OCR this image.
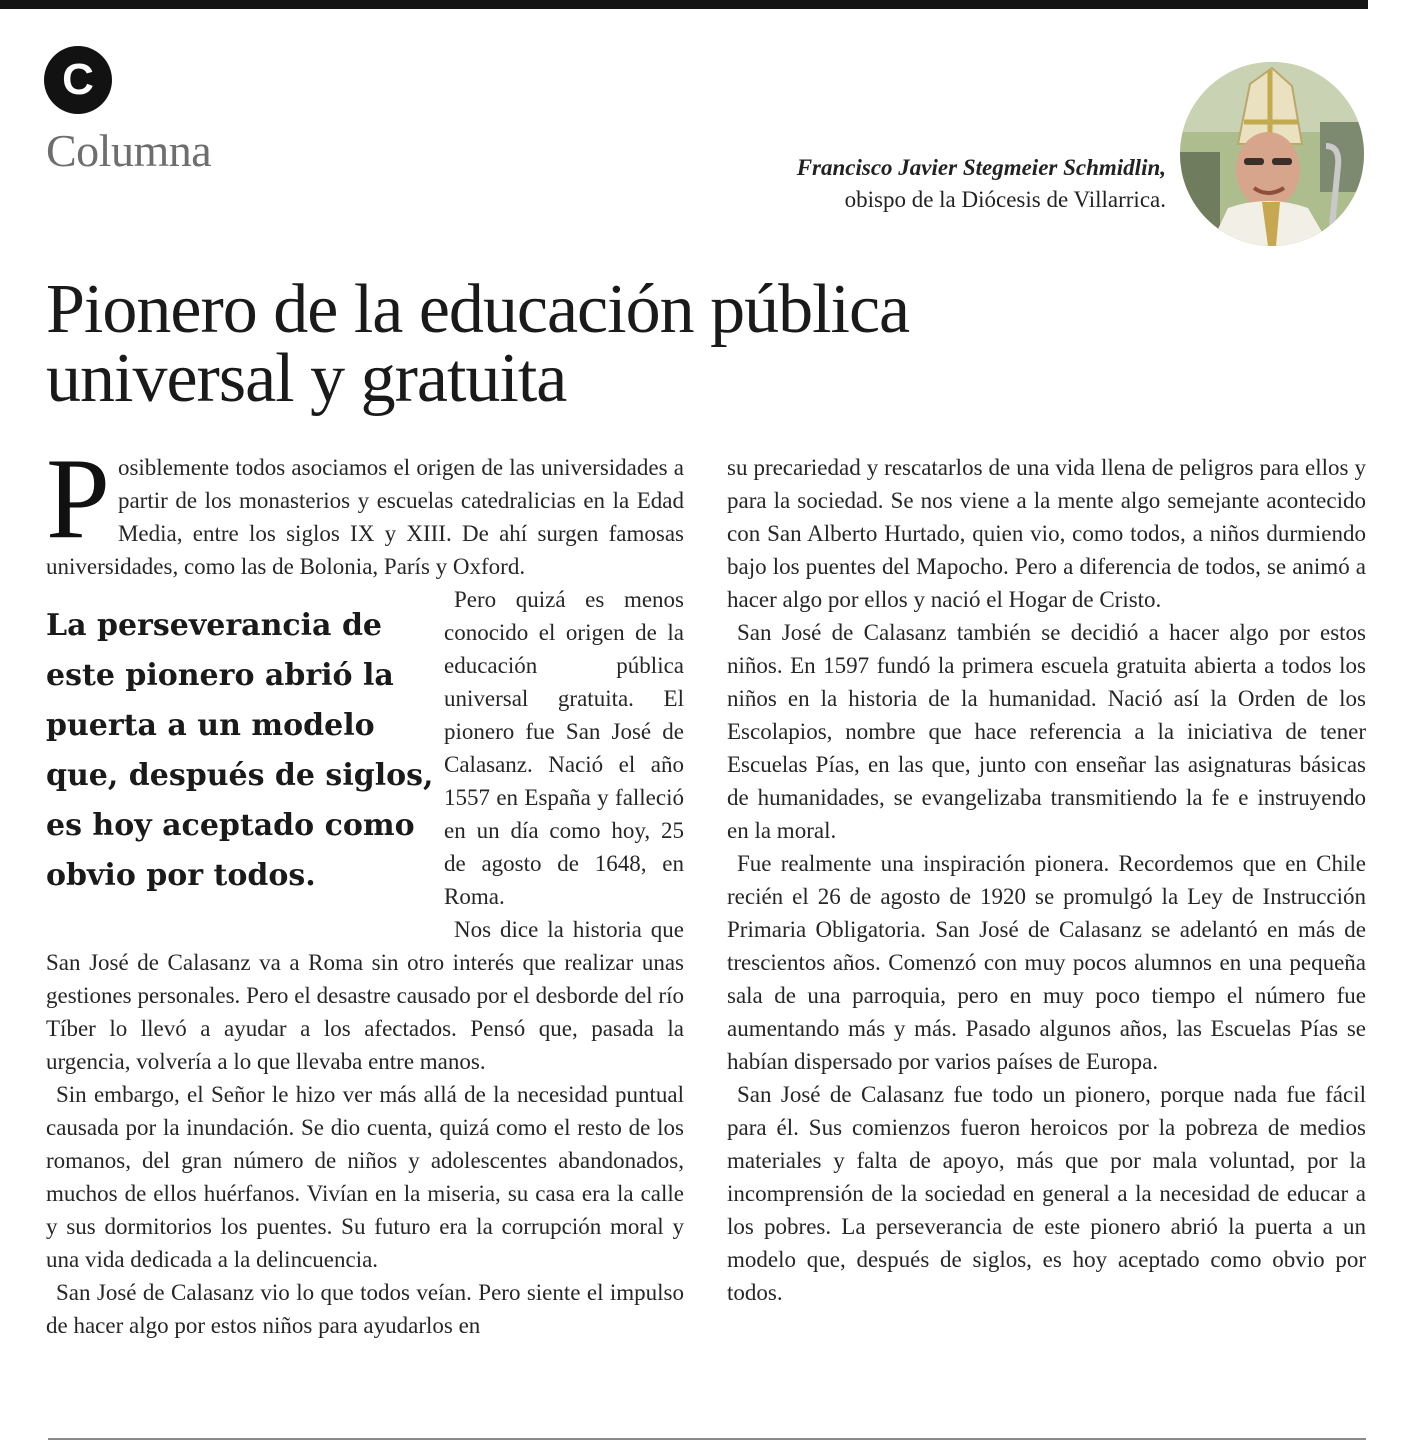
C
Columna	Francisco Javier Stegmeier Schmidlin,
obispo de la Diócesis de Villarrica.
Pionero de la educación pública
universal y gratuita

Posiblemente todos asociamos el origen de las universidades a partir de los monasterios y escuelas catedralicias en la Edad Media, entre los siglos IX y XIII. De ahí surgen famosas universidades, como las de Bolonia, París y Oxford.

La perseverancia de este pionero abrió la puerta a un modelo que, después de siglos, es hoy aceptado como obvio por todos.
Pero quizá es menos conocido el origen de la educación pública universal gratuita. El pionero fue San José de Calasanz. Nació el año 1557 en España y falleció en un día como hoy, 25 de agosto de 1648, en Roma.

Nos dice la historia que San José de Calasanz va a Roma sin otro interés que realizar unas gestiones personales. Pero el desastre causado por el desborde del río Tíber lo llevó a ayudar a los afectados. Pensó que, pasada la urgencia, volvería a lo que llevaba entre manos.

Sin embargo, el Señor le hizo ver más allá de la necesidad puntual causada por la inundación. Se dio cuenta, quizá como el resto de los romanos, del gran número de niños y adolescentes abandonados, muchos de ellos huérfanos. Vivían en la miseria, su casa era la calle y sus dormitorios los puentes. Su futuro era la corrupción moral y una vida dedicada a la delincuencia.

San José de Calasanz vio lo que todos veían. Pero siente el impulso de hacer algo por estos niños para ayudarlos en

su precariedad y rescatarlos de una vida llena de peligros para ellos y para la sociedad. Se nos viene a la mente algo semejante acontecido con San Alberto Hurtado, quien vio, como todos, a niños durmiendo bajo los puentes del Mapocho. Pero a diferencia de todos, se animó a hacer algo por ellos y nació el Hogar de Cristo.

San José de Calasanz también se decidió a hacer algo por estos niños. En 1597 fundó la primera escuela gratuita abierta a todos los niños en la historia de la humanidad. Nació así la Orden de los Escolapios, nombre que hace referencia a la iniciativa de tener Escuelas Pías, en las que, junto con enseñar las asignaturas básicas de humanidades, se evangelizaba transmitiendo la fe e instruyendo en la moral.

Fue realmente una inspiración pionera. Recordemos que en Chile recién el 26 de agosto de 1920 se promulgó la Ley de Instrucción Primaria Obligatoria. San José de Calasanz se adelantó en más de trescientos años. Comenzó con muy pocos alumnos en una pequeña sala de una parroquia, pero en muy poco tiempo el número fue aumentando más y más. Pasado algunos años, las Escuelas Pías se habían dispersado por varios países de Europa.

San José de Calasanz fue todo un pionero, porque nada fue fácil para él. Sus comienzos fueron heroicos por la pobreza de medios materiales y falta de apoyo, más que por mala voluntad, por la incomprensión de la sociedad en general a la necesidad de educar a los pobres. La perseverancia de este pionero abrió la puerta a un modelo que, después de siglos, es hoy aceptado como obvio por todos.
